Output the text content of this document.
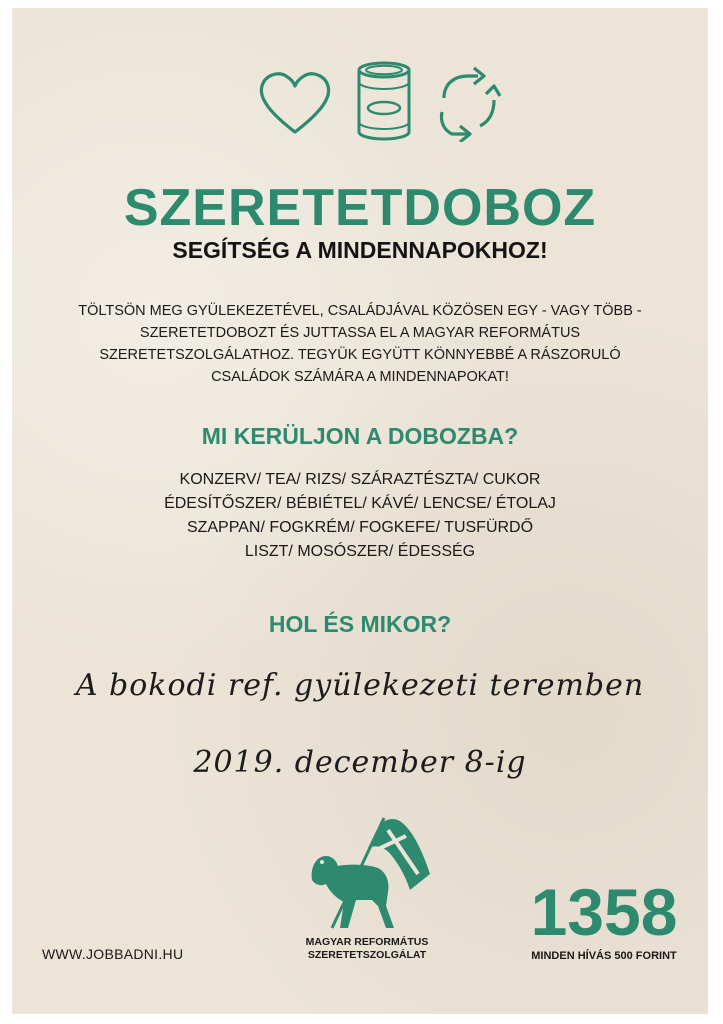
SZERETETDOBOZ
SEGÍTSÉG A MINDENNAPOKHOZ!

TÖLTSÖN MEG GYÜLEKEZETÉVEL, CSALÁDJÁVAL KÖZÖSEN EGY - VAGY TÖBB - SZERETETDOBOZT ÉS JUTTASSA EL A MAGYAR REFORMÁTUS SZERETETSZOLGÁLATHOZ. TEGYÜK EGYÜTT KÖNNYEBBÉ A RÁSZORULÓ CSALÁDOK SZÁMÁRA A MINDENNAPOKAT!

MI KERÜLJON A DOBOZBA?
KONZERV/ TEA/ RIZS/ SZÁRAZTÉSZTA/ CUKOR
ÉDESÍTŐSZER/ BÉBIÉTEL/ KÁVÉ/ LENCSE/ ÉTOLAJ
SZAPPAN/ FOGKRÉM/ FOGKEFE/ TUSFÜRDŐ
LISZT/ MOSÓSZER/ ÉDESSÉG
HOL ÉS MIKOR?
A bokodi ref. gyülekezeti teremben
2019. december 8-ig
MAGYAR REFORMÁTUS
SZERETETSZOLGÁLAT
WWW.JOBBADNI.HU
1358
MINDEN HÍVÁS 500 FORINT
